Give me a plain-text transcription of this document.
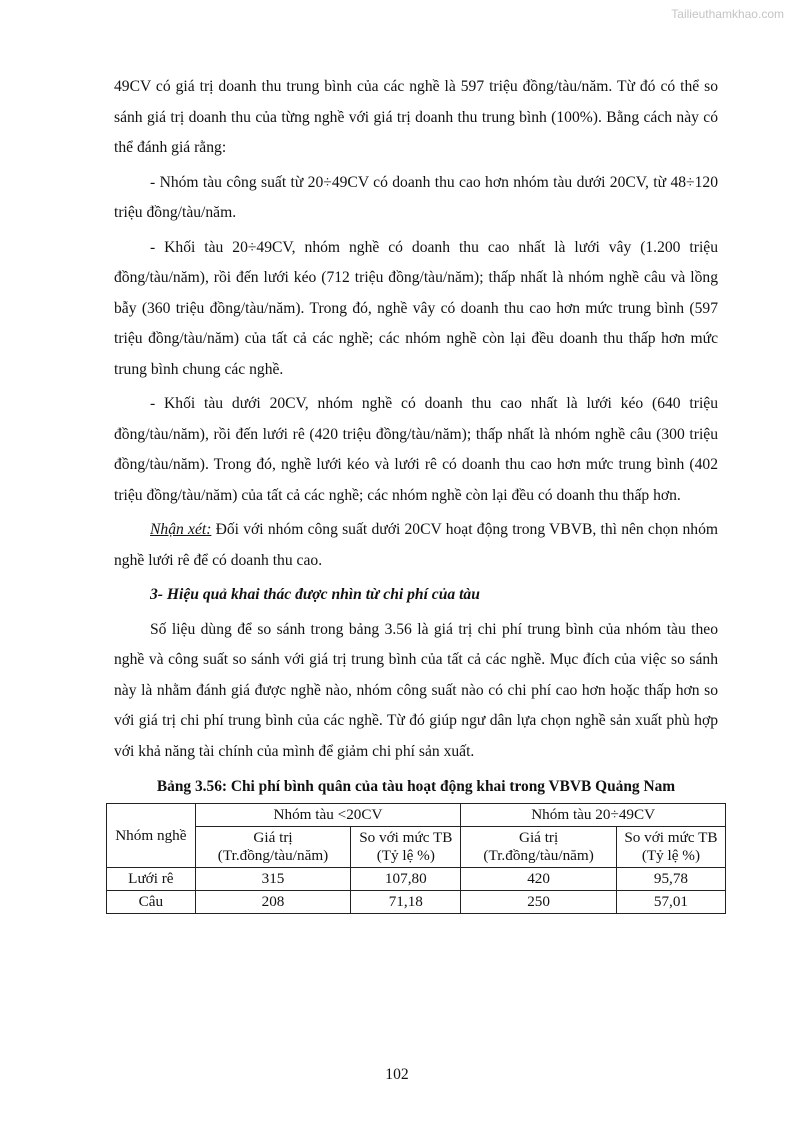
Tailieuthamkhao.com

49CV có giá trị doanh thu trung bình của các nghề là 597 triệu đồng/tàu/năm. Từ đó có thể so sánh giá trị doanh thu của từng nghề với giá trị doanh thu trung bình (100%). Bằng cách này có thể đánh giá rằng:

- Nhóm tàu công suất từ 20÷49CV có doanh thu cao hơn nhóm tàu dưới 20CV, từ 48÷120 triệu đồng/tàu/năm.

- Khối tàu 20÷49CV, nhóm nghề có doanh thu cao nhất là lưới vây (1.200 triệu đồng/tàu/năm), rồi đến lưới kéo (712 triệu đồng/tàu/năm); thấp nhất là nhóm nghề câu và lồng bẫy (360 triệu đồng/tàu/năm). Trong đó, nghề vây có doanh thu cao hơn mức trung bình (597 triệu đồng/tàu/năm) của tất cả các nghề; các nhóm nghề còn lại đều doanh thu thấp hơn mức trung bình chung các nghề.

- Khối tàu dưới 20CV, nhóm nghề có doanh thu cao nhất là lưới kéo (640 triệu đồng/tàu/năm), rồi đến lưới rê (420 triệu đồng/tàu/năm); thấp nhất là nhóm nghề câu (300 triệu đồng/tàu/năm). Trong đó, nghề lưới kéo và lưới rê có doanh thu cao hơn mức trung bình (402 triệu đồng/tàu/năm) của tất cả các nghề; các nhóm nghề còn lại đều có doanh thu thấp hơn.

Nhận xét: Đối với nhóm công suất dưới 20CV hoạt động trong VBVB, thì nên chọn nhóm nghề lưới rê để có doanh thu cao.

3- Hiệu quả khai thác được nhìn từ chi phí của tàu

Số liệu dùng để so sánh trong bảng 3.56 là giá trị chi phí trung bình của nhóm tàu theo nghề và công suất so sánh với giá trị trung bình của tất cả các nghề. Mục đích của việc so sánh này là nhằm đánh giá được nghề nào, nhóm công suất nào có chi phí cao hơn hoặc thấp hơn so với giá trị chi phí trung bình của các nghề. Từ đó giúp ngư dân lựa chọn nghề sản xuất phù hợp với khả năng tài chính của mình để giảm chi phí sản xuất.

Bảng 3.56: Chi phí bình quân của tàu hoạt động khai trong VBVB Quảng Nam
Nhóm nghề	Nhóm tàu <20CV		Nhóm tàu 20÷49CV	
	Giá trị (Tr.đồng/tàu/năm)	So với mức TB (Tỷ lệ %)	Giá trị (Tr.đồng/tàu/năm)	So với mức TB (Tỷ lệ %)
Lưới rê	315	107,80	420	95,78
Câu	208	71,18	250	57,01
102
